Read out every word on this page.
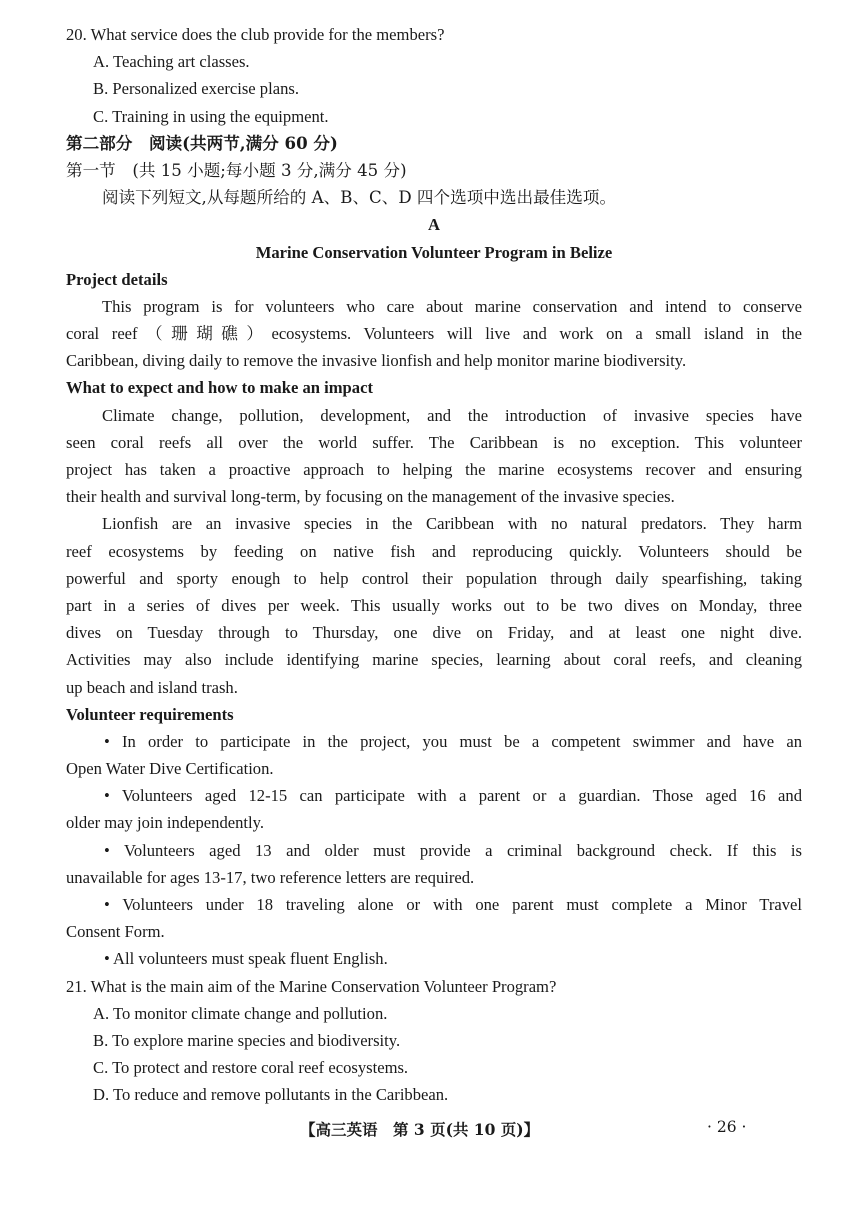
20. What service does the club provide for the members?
A. Teaching art classes.
B. Personalized exercise plans.
C. Training in using the equipment.
第二部分　阅读(共两节,满分 60 分)
第一节　(共 15 小题;每小题 3 分,满分 45 分)
阅读下列短文,从每题所给的 A、B、C、D 四个选项中选出最佳选项。
A
Marine Conservation Volunteer Program in Belize
Project details
This program is for volunteers who care about marine conservation and intend to conserve
coral reef（珊瑚礁）ecosystems. Volunteers will live and work on a small island in the
Caribbean, diving daily to remove the invasive lionfish and help monitor marine biodiversity.
What to expect and how to make an impact
Climate change, pollution, development, and the introduction of invasive species have
seen coral reefs all over the world suffer. The Caribbean is no exception. This volunteer
project has taken a proactive approach to helping the marine ecosystems recover and ensuring
their health and survival long-term, by focusing on the management of the invasive species.
Lionfish are an invasive species in the Caribbean with no natural predators. They harm
reef ecosystems by feeding on native fish and reproducing quickly. Volunteers should be
powerful and sporty enough to help control their population through daily spearfishing, taking
part in a series of dives per week. This usually works out to be two dives on Monday, three
dives on Tuesday through to Thursday, one dive on Friday, and at least one night dive.
Activities may also include identifying marine species, learning about coral reefs, and cleaning
up beach and island trash.
Volunteer requirements
• In order to participate in the project, you must be a competent swimmer and have an
Open Water Dive Certification.
• Volunteers aged 12-15 can participate with a parent or a guardian. Those aged 16 and
older may join independently.
• Volunteers aged 13 and older must provide a criminal background check. If this is
unavailable for ages 13-17, two reference letters are required.
• Volunteers under 18 traveling alone or with one parent must complete a Minor Travel
Consent Form.
• All volunteers must speak fluent English.
21. What is the main aim of the Marine Conservation Volunteer Program?
A. To monitor climate change and pollution.
B. To explore marine species and biodiversity.
C. To protect and restore coral reef ecosystems.
D. To reduce and remove pollutants in the Caribbean.
【高三英语　第 3 页(共 10 页)】	· 26 ·
